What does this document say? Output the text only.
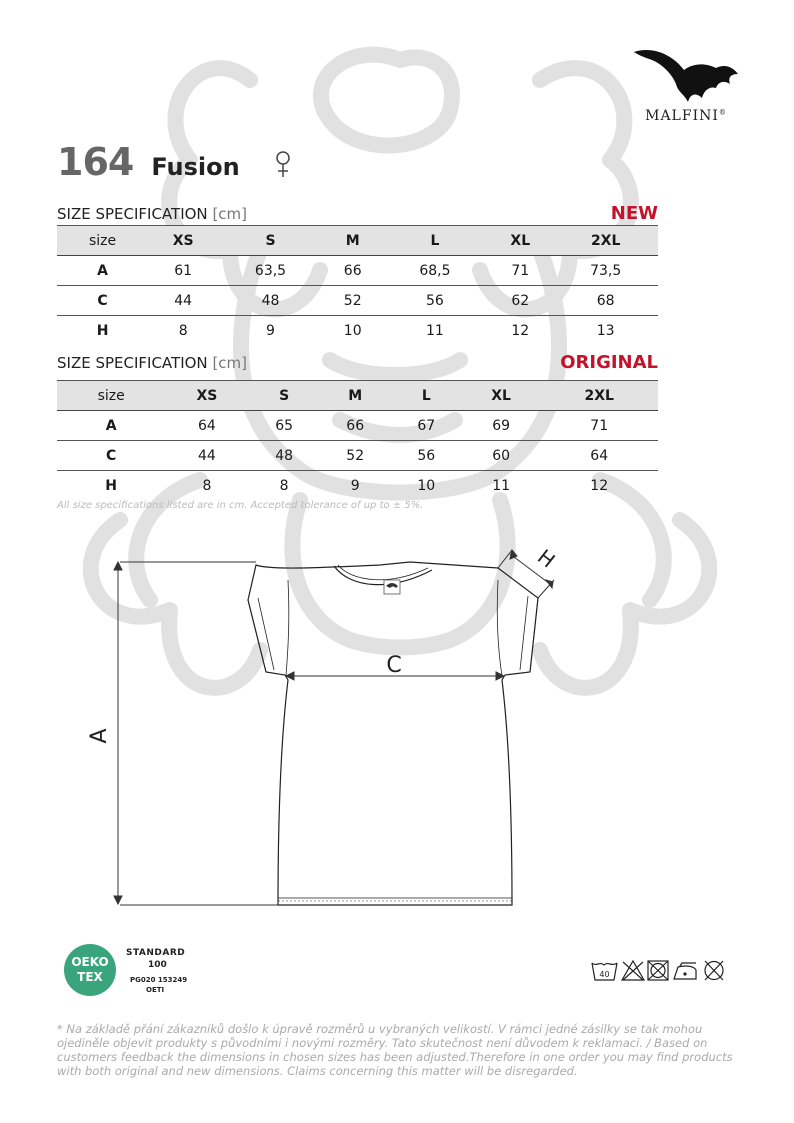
MALFINI®
164 Fusion
SIZE SPECIFICATION [cm]	NEW
size	XS	S	M	L	XL	2XL
A	61	63,5	66	68,5	71	73,5
C	44	48	52	56	62	68
H	8	9	10	11	12	13
SIZE SPECIFICATION [cm]	ORIGINAL
size	XS	S	M	L	XL	2XL
A	64	65	66	67	69	71
C	44	48	52	56	60	64
H	8	8	9	10	11	12
All size specifications listed are in cm. Accepted tolerance of up to ± 5%.
A
C
H
OEKO
TEX
STANDARD
100
PG020 153249
OETI
40
* Na základě přání zákazníků došlo k úpravě rozměrů u vybraných velikostí. V rámci jedné zásilky se tak mohou ojediněle objevit produkty s původními i novými rozměry. Tato skutečnost není důvodem k reklamaci. / Based on customers feedback the dimensions in chosen sizes has been adjusted.Therefore in one order you may find products with both original and new dimensions. Claims concerning this matter will be disregarded.
